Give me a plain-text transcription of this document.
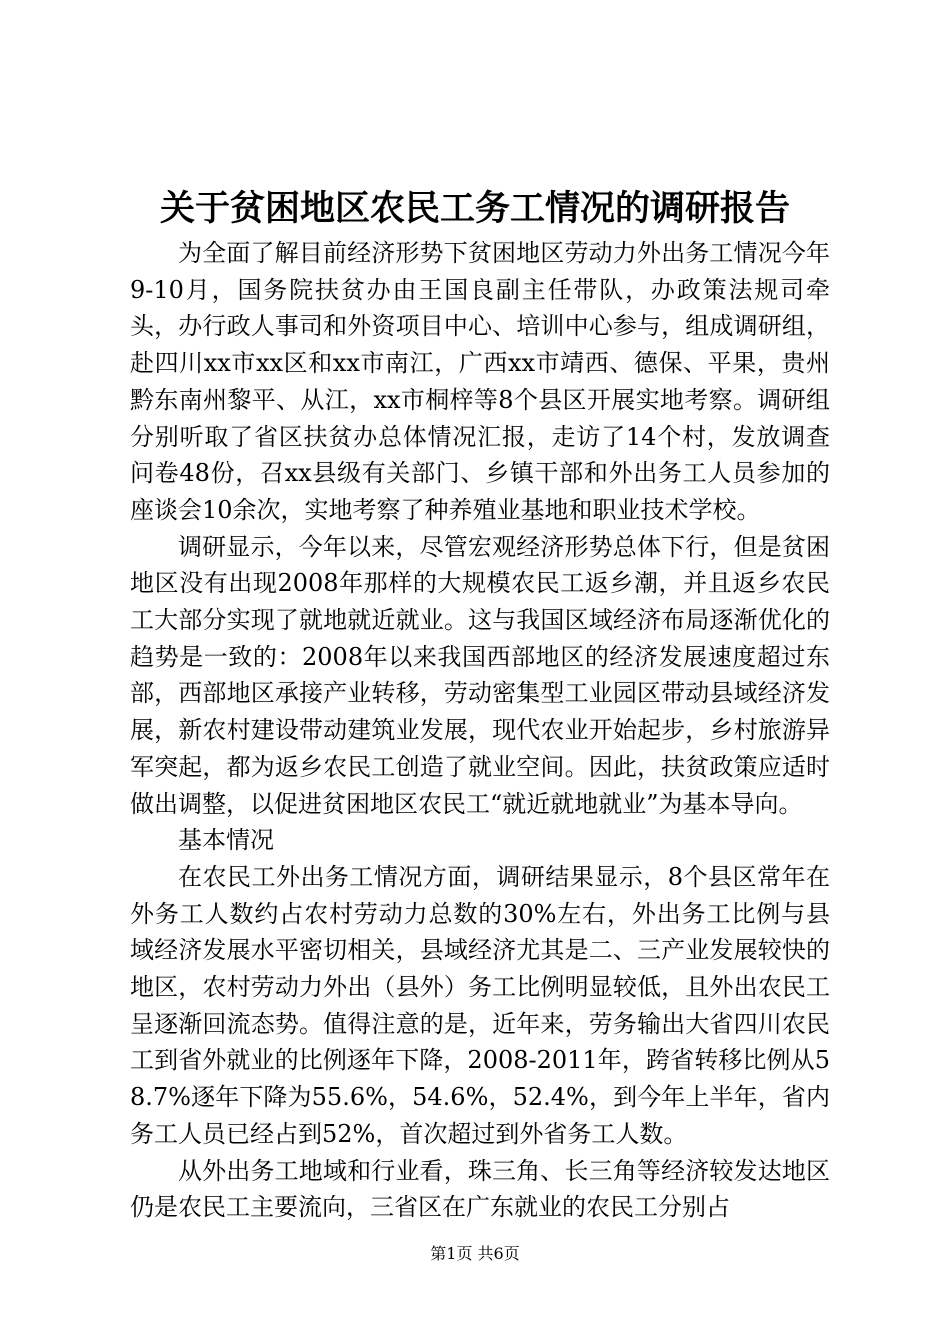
关于贫困地区农民工务工情况的调研报告

为全面了解目前经济形势下贫困地区劳动力外出务工情况今年9-10月，国务院扶贫办由王国良副主任带队，办政策法规司牵头，办行政人事司和外资项目中心、培训中心参与，组成调研组，赴四川xx市xx区和xx市南江，广西xx市靖西、德保、平果，贵州黔东南州黎平、从江，xx市桐梓等8个县区开展实地考察。调研组分别听取了省区扶贫办总体情况汇报，走访了14个村，发放调查问卷48份，召xx县级有关部门、乡镇干部和外出务工人员参加的座谈会10余次，实地考察了种养殖业基地和职业技术学校。

调研显示，今年以来，尽管宏观经济形势总体下行，但是贫困地区没有出现2008年那样的大规模农民工返乡潮，并且返乡农民工大部分实现了就地就近就业。这与我国区域经济布局逐渐优化的趋势是一致的：2008年以来我国西部地区的经济发展速度超过东部，西部地区承接产业转移，劳动密集型工业园区带动县域经济发展，新农村建设带动建筑业发展，现代农业开始起步，乡村旅游异军突起，都为返乡农民工创造了就业空间。因此，扶贫政策应适时做出调整，以促进贫困地区农民工“就近就地就业”为基本导向。

基本情况

在农民工外出务工情况方面，调研结果显示，8个县区常年在外务工人数约占农村劳动力总数的30%左右，外出务工比例与县域经济发展水平密切相关，县域经济尤其是二、三产业发展较快的地区，农村劳动力外出（县外）务工比例明显较低，且外出农民工呈逐渐回流态势。值得注意的是，近年来，劳务输出大省四川农民工到省外就业的比例逐年下降，2008-2011年，跨省转移比例从58.7%逐年下降为55.6%，54.6%，52.4%，到今年上半年，省内务工人员已经占到52%，首次超过到外省务工人数。

从外出务工地域和行业看，珠三角、长三角等经济较发达地区仍是农民工主要流向，三省区在广东就业的农民工分别占

第1页 共6页
